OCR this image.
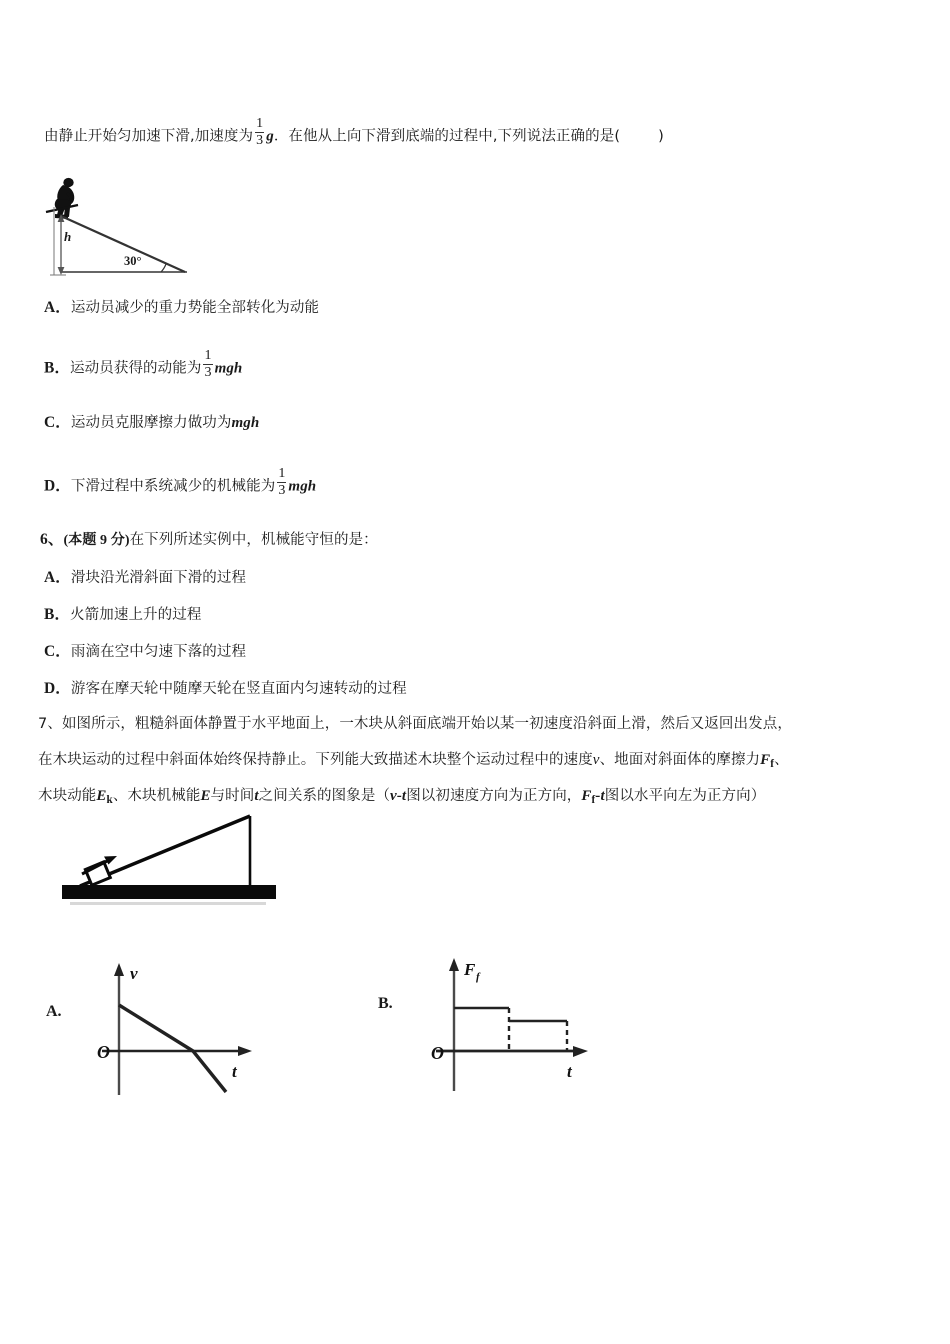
由静止开始匀加速下滑,加速度为 $\frac{1}{3}$ g．在他从上向下滑到底端的过程中,下列说法正确的是(	)
h
30°
A．运动员减少的重力势能全部转化为动能
B．运动员获得的动能为 $\frac{1}{3}$ mgh
C．运动员克服摩擦力做功为mgh
D．下滑过程中系统减少的机械能为 $\frac{1}{3}$ mgh
6、(本题 9 分)在下列所述实例中，机械能守恒的是：
A．滑块沿光滑斜面下滑的过程
B．火箭加速上升的过程
C．雨滴在空中匀速下落的过程
D．游客在摩天轮中随摩天轮在竖直面内匀速转动的过程
7、如图所示，粗糙斜面体静置于水平地面上，一木块从斜面底端开始以某一初速度沿斜面上滑，然后又返回出发点，
在木块运动的过程中斜面体始终保持静止。下列能大致描述木块整个运动过程中的速度v、地面对斜面体的摩擦力$F_f$、
木块动能$E_k$、木块机械能E与时间t之间关系的图象是（v-t图以初速度方向为正方向，$F_f-t$图以水平向左为正方向）
A.
v
t
O
B.
F f
t
O
